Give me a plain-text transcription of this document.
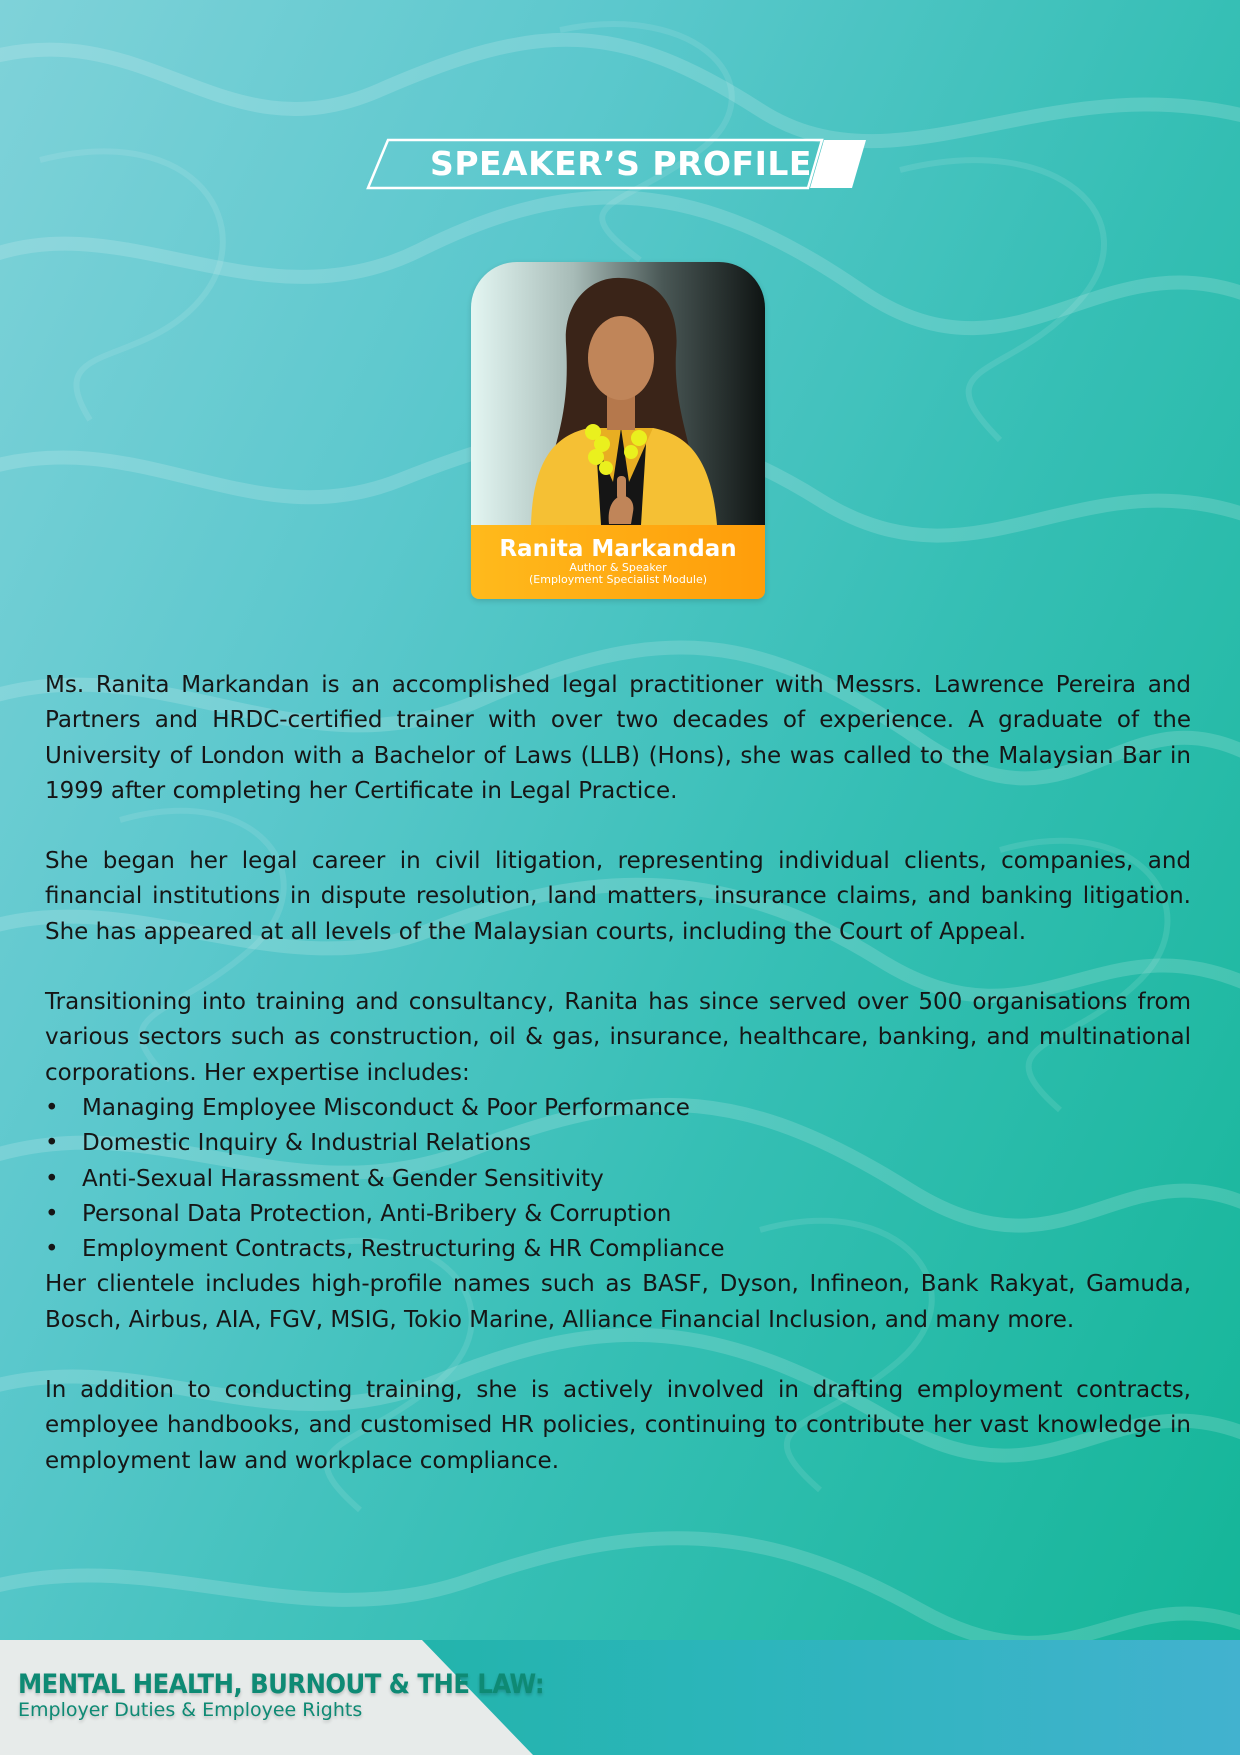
SPEAKER’S PROFILE
Ranita Markandan
Author & Speaker
(Employment Specialist Module)

Ms. Ranita Markandan is an accomplished legal practitioner with Messrs. Lawrence Pereira and Partners and HRDC-certified trainer with over two decades of experience. A graduate of the University of London with a Bachelor of Laws (LLB) (Hons), she was called to the Malaysian Bar in 1999 after completing her Certificate in Legal Practice.

She began her legal career in civil litigation, representing individual clients, companies, and financial institutions in dispute resolution, land matters, insurance claims, and banking litigation. She has appeared at all levels of the Malaysian courts, including the Court of Appeal.

Transitioning into training and consultancy, Ranita has since served over 500 organisations from various sectors such as construction, oil & gas, insurance, healthcare, banking, and multinational corporations. Her expertise includes:

• Managing Employee Misconduct & Poor Performance
• Domestic Inquiry & Industrial Relations
• Anti-Sexual Harassment & Gender Sensitivity
• Personal Data Protection, Anti-Bribery & Corruption
• Employment Contracts, Restructuring & HR Compliance

Her clientele includes high-profile names such as BASF, Dyson, Infineon, Bank Rakyat, Gamuda, Bosch, Airbus, AIA, FGV, MSIG, Tokio Marine, Alliance Financial Inclusion, and many more.

In addition to conducting training, she is actively involved in drafting employment contracts, employee handbooks, and customised HR policies, continuing to contribute her vast knowledge in employment law and workplace compliance.

MENTAL HEALTH, BURNOUT & THE LAW:
Employer Duties & Employee Rights
